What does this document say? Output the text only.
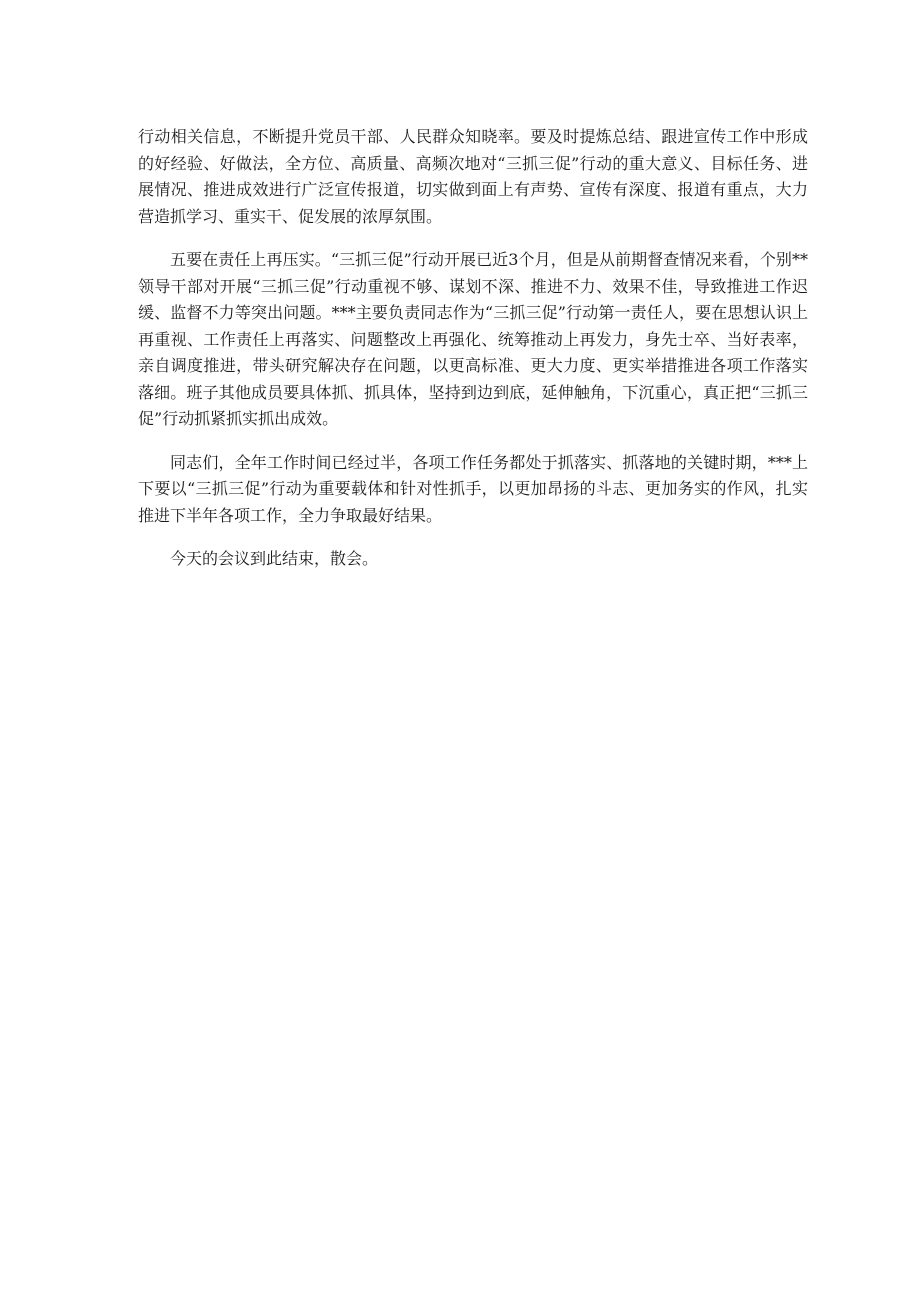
行动相关信息，不断提升党员干部、人民群众知晓率。要及时提炼总结、跟进宣传工作中形成的好经验、好做法，全方位、高质量、高频次地对“三抓三促”行动的重大意义、目标任务、进展情况、推进成效进行广泛宣传报道，切实做到面上有声势、宣传有深度、报道有重点，大力营造抓学习、重实干、促发展的浓厚氛围。

五要在责任上再压实。“三抓三促”行动开展已近3个月，但是从前期督查情况来看，个别**领导干部对开展“三抓三促”行动重视不够、谋划不深、推进不力、效果不佳，导致推进工作迟缓、监督不力等突出问题。***主要负责同志作为“三抓三促”行动第一责任人，要在思想认识上再重视、工作责任上再落实、问题整改上再强化、统筹推动上再发力，身先士卒、当好表率，亲自调度推进，带头研究解决存在问题，以更高标准、更大力度、更实举措推进各项工作落实落细。班子其他成员要具体抓、抓具体，坚持到边到底，延伸触角，下沉重心，真正把“三抓三促”行动抓紧抓实抓出成效。

同志们，全年工作时间已经过半，各项工作任务都处于抓落实、抓落地的关键时期，***上下要以“三抓三促”行动为重要载体和针对性抓手，以更加昂扬的斗志、更加务实的作风，扎实推进下半年各项工作，全力争取最好结果。

今天的会议到此结束，散会。
